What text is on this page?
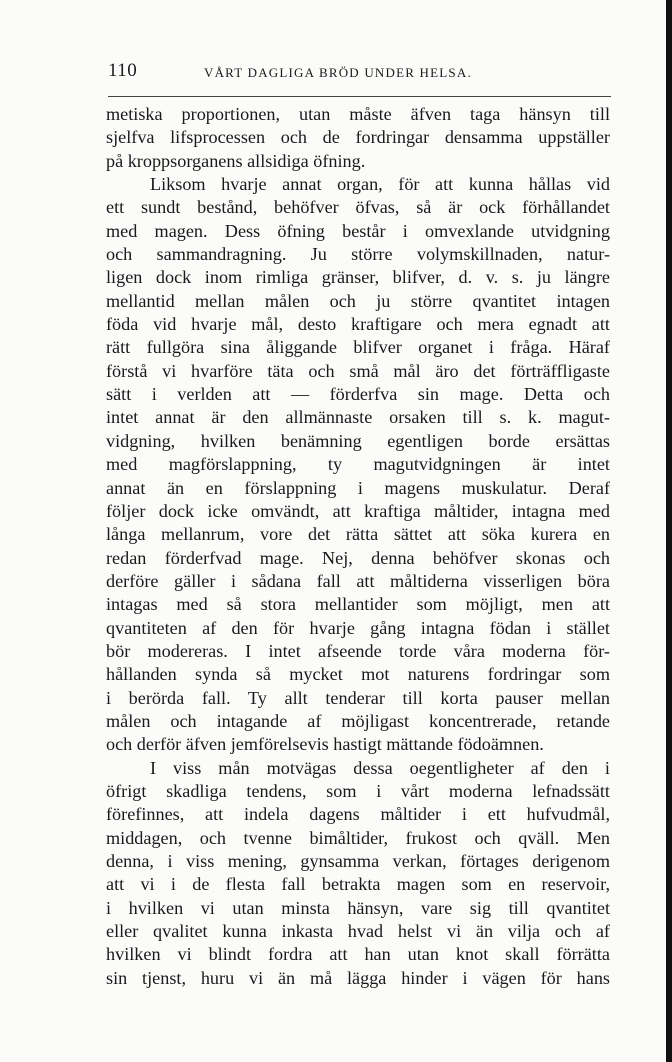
110	VÅRT DAGLIGA BRÖD UNDER HELSA.
metiska proportionen, utan måste äfven taga hänsyn till
sjelfva lifsprocessen och de fordringar densamma uppställer
på kroppsorganens allsidiga öfning.
Liksom hvarje annat organ, för att kunna hållas vid
ett sundt bestånd, behöfver öfvas, så är ock förhållandet
med magen. Dess öfning består i omvexlande utvidgning
och sammandragning. Ju större volymskillnaden, natur-
ligen dock inom rimliga gränser, blifver, d. v. s. ju längre
mellantid mellan målen och ju större qvantitet intagen
föda vid hvarje mål, desto kraftigare och mera egnadt att
rätt fullgöra sina åliggande blifver organet i fråga. Häraf
förstå vi hvarföre täta och små mål äro det förträffligaste
sätt i verlden att — förderfva sin mage. Detta och
intet annat är den allmännaste orsaken till s. k. magut-
vidgning, hvilken benämning egentligen borde ersättas
med magförslappning, ty magutvidgningen är intet
annat än en förslappning i magens muskulatur. Deraf
följer dock icke omvändt, att kraftiga måltider, intagna med
långa mellanrum, vore det rätta sättet att söka kurera en
redan förderfvad mage. Nej, denna behöfver skonas och
derföre gäller i sådana fall att måltiderna visserligen böra
intagas med så stora mellantider som möjligt, men att
qvantiteten af den för hvarje gång intagna födan i stället
bör modereras. I intet afseende torde våra moderna för-
hållanden synda så mycket mot naturens fordringar som
i berörda fall. Ty allt tenderar till korta pauser mellan
målen och intagande af möjligast koncentrerade, retande
och derför äfven jemförelsevis hastigt mättande födoämnen.
I viss mån motvägas dessa oegentligheter af den i
öfrigt skadliga tendens, som i vårt moderna lefnadssätt
förefinnes, att indela dagens måltider i ett hufvudmål,
middagen, och tvenne bimåltider, frukost och qväll. Men
denna, i viss mening, gynsamma verkan, förtages derigenom
att vi i de flesta fall betrakta magen som en reservoir,
i hvilken vi utan minsta hänsyn, vare sig till qvantitet
eller qvalitet kunna inkasta hvad helst vi än vilja och af
hvilken vi blindt fordra att han utan knot skall förrätta
sin tjenst, huru vi än må lägga hinder i vägen för hans
